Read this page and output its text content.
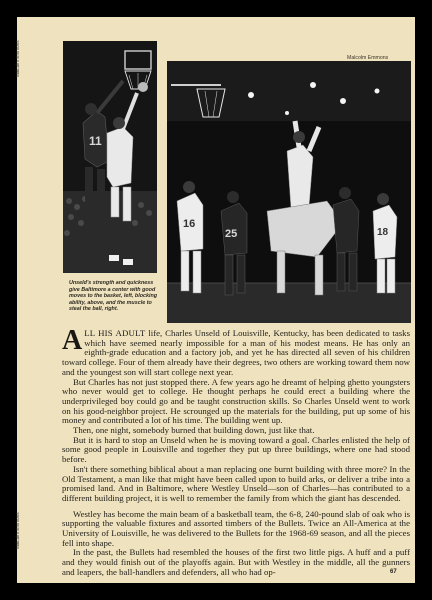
Malcolm Emmons	Malcolm Emmons
11
16
25	18
Unseld's strength and quickness give Baltimore a center with good moves to the basket, left, blocking ability, above, and the muscle to steal the ball, right.

ALL HIS ADULT life, Charles Unseld of Louisville, Kentucky, has been dedicated to tasks which have seemed nearly impossible for a man of his modest means. He has only an eighth-grade education and a factory job, and yet he has directed all seven of his children toward college. Four of them already have their degrees, two others are working toward them now and the youngest son will start college next year.

But Charles has not just stopped there. A few years ago he dreamt of helping ghetto youngsters who never would get to college. He thought perhaps he could erect a building where the underprivileged boy could go and be taught construction skills. So Charles Unseld went to work on his good-neighbor project. He scrounged up the materials for the building, put up some of his money and contributed a lot of his time. The building went up.

Then, one night, somebody burned that building down, just like that.

But it is hard to stop an Unseld when he is moving toward a goal. Charles enlisted the help of some good people in Louisville and together they put up three buildings, where one had stood before.

Isn't there something biblical about a man replacing one burnt building with three more? In the Old Testament, a man like that might have been called upon to build arks, or deliver a tribe into a promised land. And in Baltimore, where Westley Unseld—son of Charles—has contributed to a different building project, it is well to remember the family from which the giant has descended.

Westley has become the main beam of a basketball team, the 6-8, 240-pound slab of oak who is supporting the valuable fixtures and assorted timbers of the Bullets. Twice an All-America at the University of Louisville, he was delivered to the Bullets for the 1968-69 season, and all the pieces fell into shape.

In the past, the Bullets had resembled the houses of the first two little pigs. A huff and a puff and they would finish out of the playoffs again. But with Westley in the middle, all the gunners and leapers, the ball-handlers and defenders, all who had op-

Malcolm Emmons
67
